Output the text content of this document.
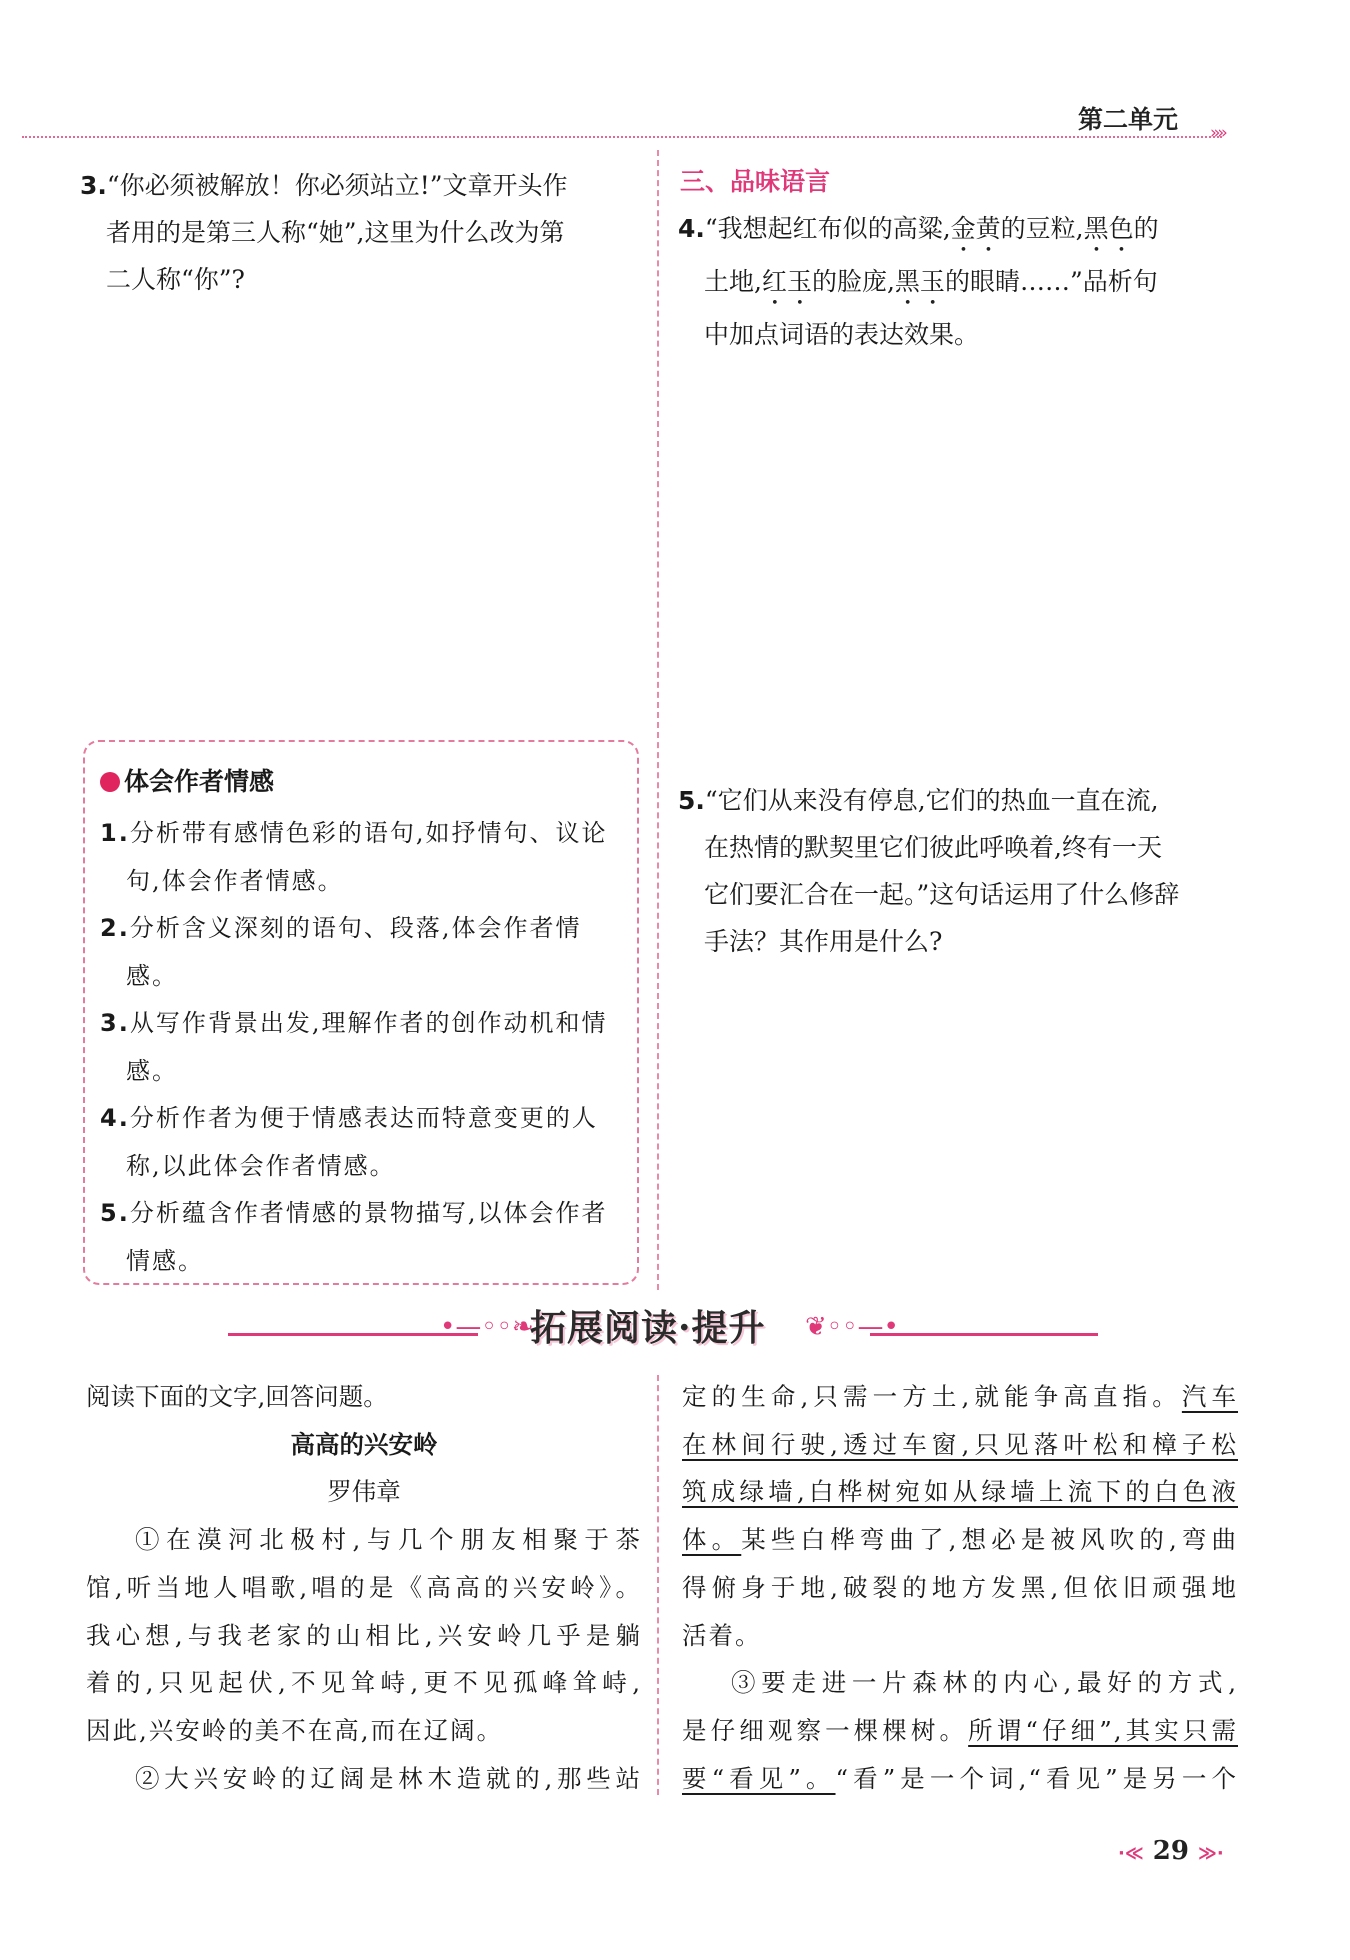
第二单元 »»
3.“你必须被解放！你必须站立!”文章开头作
者用的是第三人称“她”,这里为什么改为第
二人称“你”?
三、品味语言
4.“我想起红布似的高粱,金黄的豆粒,黑色的
土地,红玉的脸庞,黑玉的眼睛……”品析句
中加点词语的表达效果。
5.“它们从来没有停息,它们的热血一直在流,
在热情的默契里它们彼此呼唤着,终有一天
它们要汇合在一起。”这句话运用了什么修辞
手法？其作用是什么?
体会作者情感
1.分析带有感情色彩的语句,如抒情句、议论句,体会作者情感。
2.分析含义深刻的语句、段落,体会作者情感。
3.从写作背景出发,理解作者的创作动机和情感。
4.分析作者为便于情感表达而特意变更的人称,以此体会作者情感。
5.分析蕴含作者情感的景物描写,以体会作者情感。
•—◦◦❧	❦◦◦—•
拓展阅读·提升
阅读下面的文字,回答问题。
高高的兴安岭
罗伟章
①在漠河北极村,与几个朋友相聚于茶
馆,听当地人唱歌,唱的是《高高的兴安岭》。
我心想,与我老家的山相比,兴安岭几乎是躺
着的,只见起伏,不见耸峙,更不见孤峰耸峙,
因此,兴安岭的美不在高,而在辽阔。
②大兴安岭的辽阔是林木造就的,那些站
定的生命,只需一方土,就能争高直指。汽车
在林间行驶,透过车窗,只见落叶松和樟子松
筑成绿墙,白桦树宛如从绿墙上流下的白色液
体。某些白桦弯曲了,想必是被风吹的,弯曲
得俯身于地,破裂的地方发黑,但依旧顽强地
活着。
③要走进一片森林的内心,最好的方式,
是仔细观察一棵棵树。所谓“仔细”,其实只需
要“看见”。“看”是一个词,“看见”是另一个
·≪ 29 ≫·
